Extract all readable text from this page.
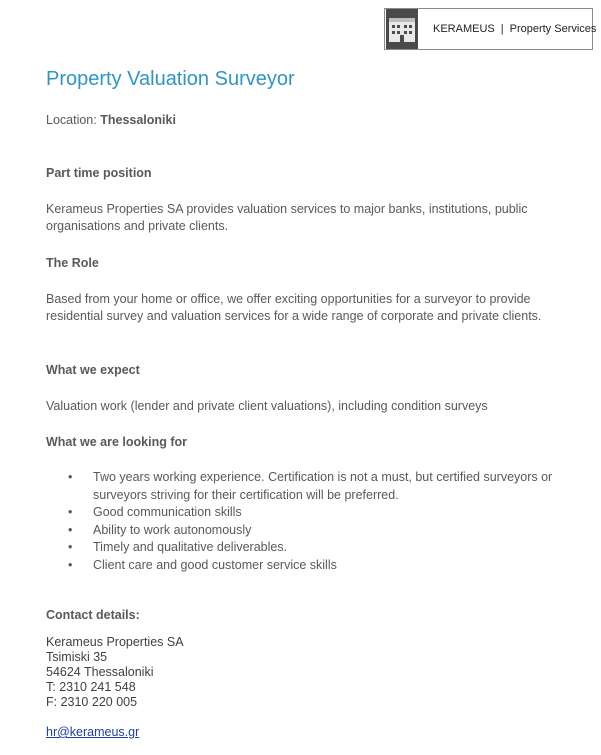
KERAMEUS | Property Services
Property Valuation Surveyor

Location: Thessaloniki

Part time position

Kerameus Properties SA provides valuation services to major banks, institutions, public organisations and private clients.

The Role

Based from your home or office, we offer exciting opportunities for a surveyor to provide residential survey and valuation services for a wide range of corporate and private clients.

What we expect

Valuation work (lender and private client valuations), including condition surveys

What we are looking for

• Two years working experience. Certification is not a must, but certified surveyors or surveyors striving for their certification will be preferred.
• Good communication skills
• Ability to work autonomously
• Timely and qualitative deliverables.
• Client care and good customer service skills

Contact details:

Kerameus Properties SA
Tsimiski 35
54624 Thessaloniki
T: 2310 241 548
F: 2310 220 005
hr@kerameus.gr
